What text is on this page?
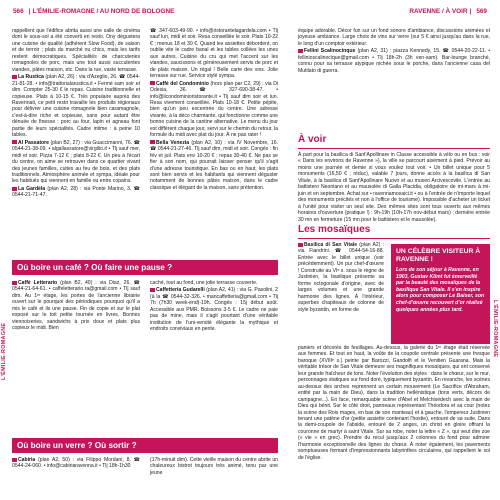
566 | L'ÉMILIE-ROMAGNE / AU NORD DE BOLOGNE	RAVENNE / À VOIR | 569
L'ÉMILIE-ROMAGNE	L'ÉMILIE-ROMAGNE

rappellent que l'édifice abrita aussi une salle de cinéma dont le sous-sol a été converti en resto. Ony dégustera une cuisine de qualité (adhérent Slow Food), de saison et de terroir ; plats du marché ou chics, mais les tarifs restent démocratiques. Spécialités de charcuteries romagnoles de porc, mais une tout aussi succulentes viandes, pâtes maison, etc. Dans la rue, vaste terrasse.

La Rustica (plan A2, 26) : via d'Azeglio, 26. ☎ 0544-21-81-28. • info@trattorialarustica.it • Fermé sam soir et dim. Compter 25-30 € le repas. Cuisine traditionnelle et copieuse. Plats à 10-15 €. Très populaire auprès des Ravennati, ce petit resto travaille les produits régionaux pour délivrer une cuisine romagnole bien caramagnole, c'est-à-dire riche et copieuse, sans pour autant être dénuée de finesse : porc au four, lapin et agneau font partie de leurs spécialités. Cadre intime : à peine 10 tables.

Al Passatore (plan B2, 27) : via Guaccimanni, 76. ☎ 0544-21-38-09. • algallassatore@virgilio.it • Tlj sauf mer, midi et soir. Pizza 7-12 € ; plats 8-22 €. Un peu à l'écart du centre, on aime se retrouver dans ce quartier vivant des jeunes familles, cuites au feu de bois, et des plats traditionnels. Atmosphère animée et sympa, idéale pour les habitués qui viennent en famille ou entre copains.

La Gardèla (plan A2, 28) : via Ponte Marino, 3. ☎ 0544-21-71-47.

☎ 347-603-49-90. • info@ristorantelagardela.com • Tlj sauf lun, midi et soir. Resa conseillée le soir. Plats 10-22 € ; menus 18 et 30 €. Quand les assiettes débordent, on oublie vite le cadre banal et les tables collées les unes aux autres. Cuisine du cru qui met l'accent sur les viandes, saucissons et généreusement servis de porc et de plats maison. Un régal ! Belle carte des vins. Jolie terrasse sur rue. Service stylé sympa.

Caffè del Condominio (hors plan par C2, 29) : via Di Odesia, 36. ☎ 327-690-38-47. • info@ilcondominioristorante.it • Tlj sauf dim soir et lun. Resa vivement conseillée. Plats 10-18 €. Petite pépite, bien qu'un peu excentrée du centre. Une adresse vivante, à la déco charmante, qui fonctionne comme une bonne cuisine de la cantine alternative. Le menu du jour est différent chaque jour, servi sur le chemin du retour, la formule du midi avec plat du jour. À ne pas rater !

Bella Venezia (plan A2, 10) : via IV Novembre, 16. ☎ 0544-21-27-46. Tlj sauf dim, midi et soir. Congés : fin fév et juil. Plats env 10-20 € ; repas 30-40 €. Ne pas se fier à son nom, qui pourrait laisser penser qu'il s'agit d'une adresse touristique. En bas ou en haut, les plats sont bien servis et les habitants qui viennent déguster notamment de bonnes pâtes maison, dans le cadre classique et élégant de la maison, sans prétention.

équipe adorable. Décor fun sur un fond sonore d'ambiance, discussions animées et joyeuse ambiance. Large choix de vins sur verre (sur 5 € ainsi jusqu'au dans la rue, le long d'un comptoir extérieur.

Fellini Scalinocinque (plan A2, 31) : piazza Kennedy, 15. ☎ 0544-20-22-11. • fellinioscalinocique@gmail.com • Tlj 18h-2h (3h ven-sam). Bar-lounge branché, connu pour sa terrasse atypique nichée sous le porche, dans l'ancienne casa del Mutilato di guerra.

À voir

À part pour la basilica di Sant'Apollinare in Classe accessible à vélo ou en bus : voir « Dans les environs de Ravenne »), la ville se parcourt aisément à pied. Prévoir au moins une journée et demie si vous voulez tout voir. • Un billet unique pour 5 monuments (16,50 € ; réduc), valable 7 jours, donne accès à la basilica di San Vitale, à la basilica di Sant'Apollinare Nuovo et au museo Arcivescovile. L'entrée au battistero Neoniano et au mausolée di Galla Placidia, obligatoire de mi-mars à mi-juin et en septembre. Achat sur • ravennamosaici.it • ou à l'entrée de n'importe lequel des monuments précités et non à l'office de tourisme). Impossible d'acheter un ticket à l'unité pour visiter un seul site. Des mêmes sites sont tous ouverts aux mêmes horaires d'ouverture (pratique !) : 9h-19h (10h-17h nov-début mars) ; dernière entrée 30 mn en fermeture (15 mn pour le battistero et le mausolée).

Les mosaïques

Basilica di San Vitale (plan A2) : via Fiandrini. ☎ 0544-54-16-88. Entrée avec le billet unique (voir précédemment). Un pur chef-d'œuvre ! Construite au VIᵉ s. sous le règne de Justinien, la basilique présente sa forme octogonale d'origine, avec de larges volumes et une grande harmonie des lignes. À l'intérieur, superbes chapiteaux de colonne de style byzantin, en forme de

paniers et décorés de feuillages. Au-dessus, la galerie du 1ᵉʳ étage était réservée aux femmes. Et tout en haut, la voûte de la coupole centrale présente une fresque baroque (XVIIIᵉ s.) peinte par Barozzi, Gandolfi et le Venitien Guarana. Mais la véritable trésor de San Vitale demeure ses magnifiques mosaïques, qui ont conservé leur grande fraîcheur de tons. Noter l'évolution des styles : dans le chœur, sur le mur, personnages statiques sur fond doré, typiquement byzantin. En revanche, les scènes au-dessus des arches reprennent un certain mouvement (Le Sacrifice d'Abraham, entité par la main de Dieu), dans la tradition hellénistique (tons verts, décors de campagne...). En face, remarquable scène d'Abel et Melchisédech avec la main de Dieu qui bénit. Sur le côté droit, panneaux représentant Théodora et sa cour (notez la scène des Rois mages, en bas de son manteau) et à gauche, l'empereur Justinien tenant une patène d'or (petite assiette contenant l'hostie), entouré de sa suite. Dans la demi-coupole de l'abside, entouré de 2 anges, un christ en gloire offrant la couronne de martyr à saint Vitale. Sur sa robe, noter la lettre « Z », qui veut dire zoe (« vie » en grec). Prendre du recul jusqu'aux 2 colonnes du fond pour admirer l'harmonie exceptionnelle des lignes du chœur. À noter également, les pavements somptueuses formant d'impressionnants labyrinthes circulaires, qui rappellent le sol de l'église.

UN CÉLÈBRE VISITEUR À RAVENNE !
Lors de son séjour à Ravenne, en 1903, Gustav Klimt fut émerveillé par la beauté des mosaïques de la basilique San Vitale. Il s'en inspire alors pour composer Le Baiser, son chef-d'œuvre recouvert d'or réalisé quelques années plus tard.
Où boire un café ? Où faire une pause ?

Caffè Letterario (plan B2, 40) : via Diaz, 26. ☎ 0544-21-64-61. • caffeletterario.ra@gmail.com • Tlj sauf dim. Au 1ᵉʳ étage, les portes de l'ancienne librairie ouvert sur le pourquoi des périodiques pourquoi qu'il a mis le café et ils une pause. Fin de copie et sur le plat exposé sur le toit petite tournée en livres. Bonnes viennoiseries, sandwichs à prix doux et plats plus copieux le midi. Bien

caché, tout au fond, une jolie terrasse couverte.

Caffetteria Gudarelli (plan A2, 41) : via G. Pasolini, 2 (à la ☎ 0544-32-326. • mancaffetteria@gmail.com • Tlj 7h (7h30 week-end)-19h. Congés : 15j début août. Accessible aux PMR. Boissons 3-5 €. Le cadre ne paie pas de mine, mais il s'agit pourtant d'une véritable institution de l'uni-versité élégante la mythique et endroits conviviaux en pente.

Où boire un verre ? Où sortir ?

Cabiria (plan A2, 50) : via Filippo Mordani, 8. ☎ 0544-24-060. • info@cabiriaravenna.it • Tlj 18h-1h30

(17h-minuit dim). Cette vieille maison du centre abrite un chaleureux bistrot toujours très animé, tenu par une jeune
